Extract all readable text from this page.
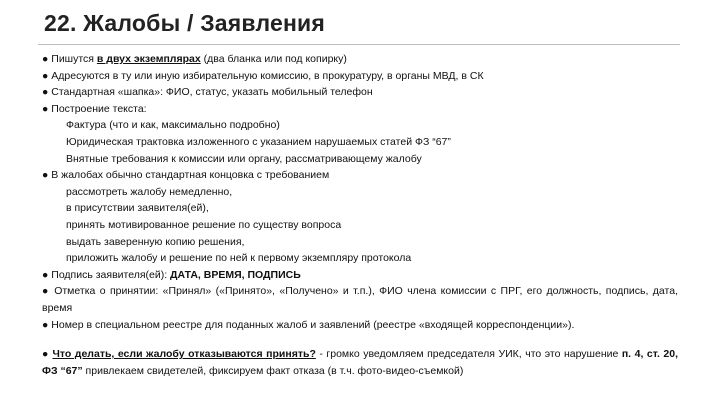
22. Жалобы / Заявления
● Пишутся в двух экземплярах (два бланка или под копирку)
● Адресуются в ту или иную избирательную комиссию, в прокуратуру, в органы МВД, в СК
● Стандартная «шапка»: ФИО, статус, указать мобильный телефон
● Построение текста:
Фактура (что и как, максимально подробно)
Юридическая трактовка изложенного с указанием нарушаемых статей ФЗ “67”
Внятные требования к комиссии или органу, рассматривающему жалобу
● В жалобах обычно стандартная концовка с требованием
рассмотреть жалобу немедленно,
в присутствии заявителя(ей),
принять мотивированное решение по существу вопроса
выдать заверенную копию решения,
приложить жалобу и решение по ней к первому экземпляру протокола
● Подпись заявителя(ей): ДАТА, ВРЕМЯ, ПОДПИСЬ
● Отметка о принятии: «Принял» («Принято», «Получено» и т.п.), ФИО члена комиссии с ПРГ, его должность, подпись, дата, время
● Номер в специальном реестре для поданных жалоб и заявлений (реестре «входящей корреспонденции»).
● Что делать, если жалобу отказываются принять? - громко уведомляем председателя УИК, что это нарушение п. 4, ст. 20, ФЗ “67” привлекаем свидетелей, фиксируем факт отказа (в т.ч. фото-видео-съемкой)
